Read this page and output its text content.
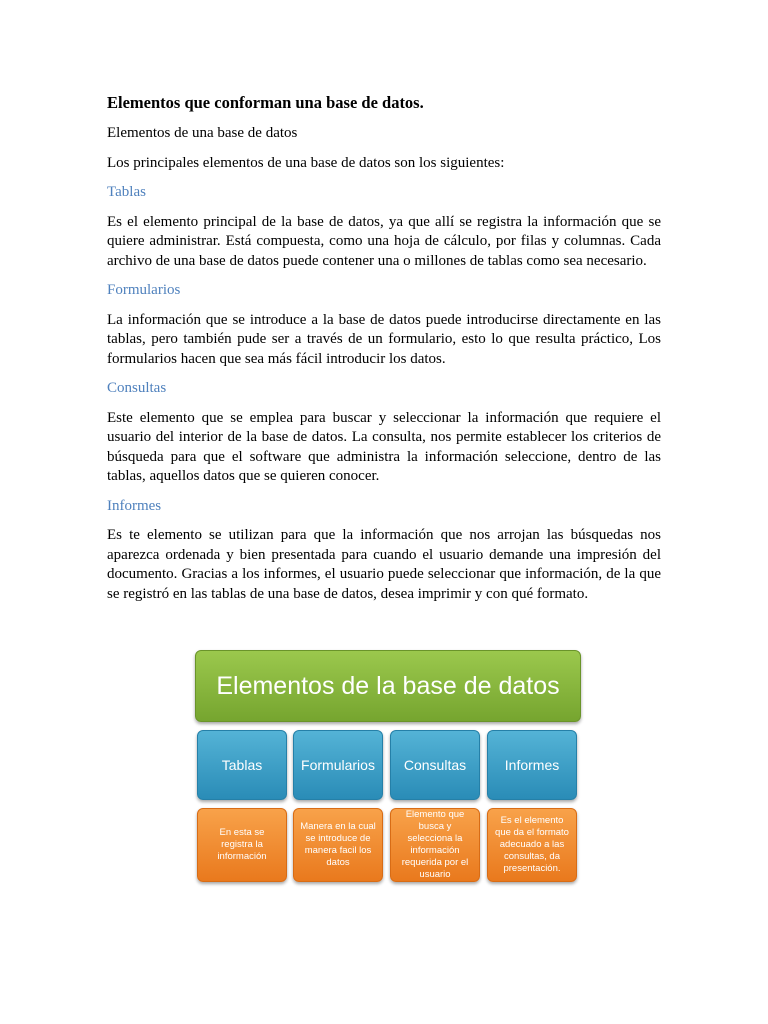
Elementos que conforman una base de datos.

Elementos de una base de datos

Los principales elementos de una base de datos son los siguientes:

Tablas

Es el elemento principal de la base de datos, ya que allí se registra la información que se quiere administrar. Está compuesta, como una hoja de cálculo, por filas y columnas. Cada archivo de una base de datos puede contener una o millones de tablas como sea necesario.

Formularios

La información que se introduce a la base de datos puede introducirse directamente en las tablas, pero también pude ser a través de un formulario, esto lo que resulta práctico, Los formularios hacen que sea más fácil introducir los datos.

Consultas

Este elemento que se emplea para buscar y seleccionar la información que requiere el usuario del interior de la base de datos. La consulta, nos permite establecer los criterios de búsqueda para que el software que administra la información seleccione, dentro de las tablas, aquellos datos que se quieren conocer.

Informes

Es te elemento se utilizan para que la información que nos arrojan las búsquedas nos aparezca ordenada y bien presentada para cuando el usuario demande una impresión del documento. Gracias a los informes, el usuario puede seleccionar que información, de la que se registró en las tablas de una base de datos, desea imprimir y con qué formato.

Elementos de la base de datos
Tablas	Formularios	Consultas	Informes
En esta se registra la información
Manera en la cual se introduce de manera facil los datos
Elemento que busca y selecciona la información requerida por el usuario
Es el elemento que da el formato adecuado a las consultas, da presentación.
